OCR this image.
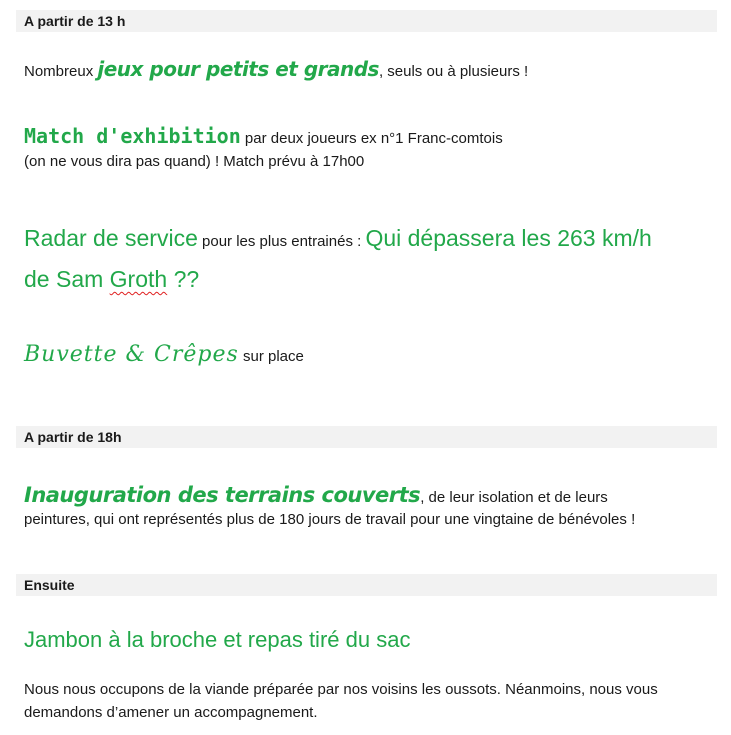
A partir de 13 h
Nombreux jeux pour petits et grands, seuls ou à plusieurs !
Match d'exhibition par deux joueurs ex n°1 Franc-comtois
(on ne vous dira pas quand) ! Match prévu à 17h00
Radar de service pour les plus entrainés : Qui dépassera les 263 km/h
de Sam Groth ??
Buvette & Crêpes sur place
A partir de 18h
Inauguration des terrains couverts, de leur isolation et de leurs
peintures, qui ont représentés plus de 180 jours de travail pour une vingtaine de bénévoles !
Ensuite
Jambon à la broche et repas tiré du sac
Nous nous occupons de la viande préparée par nos voisins les oussots. Néanmoins, nous vous
demandons d’amener un accompagnement.
